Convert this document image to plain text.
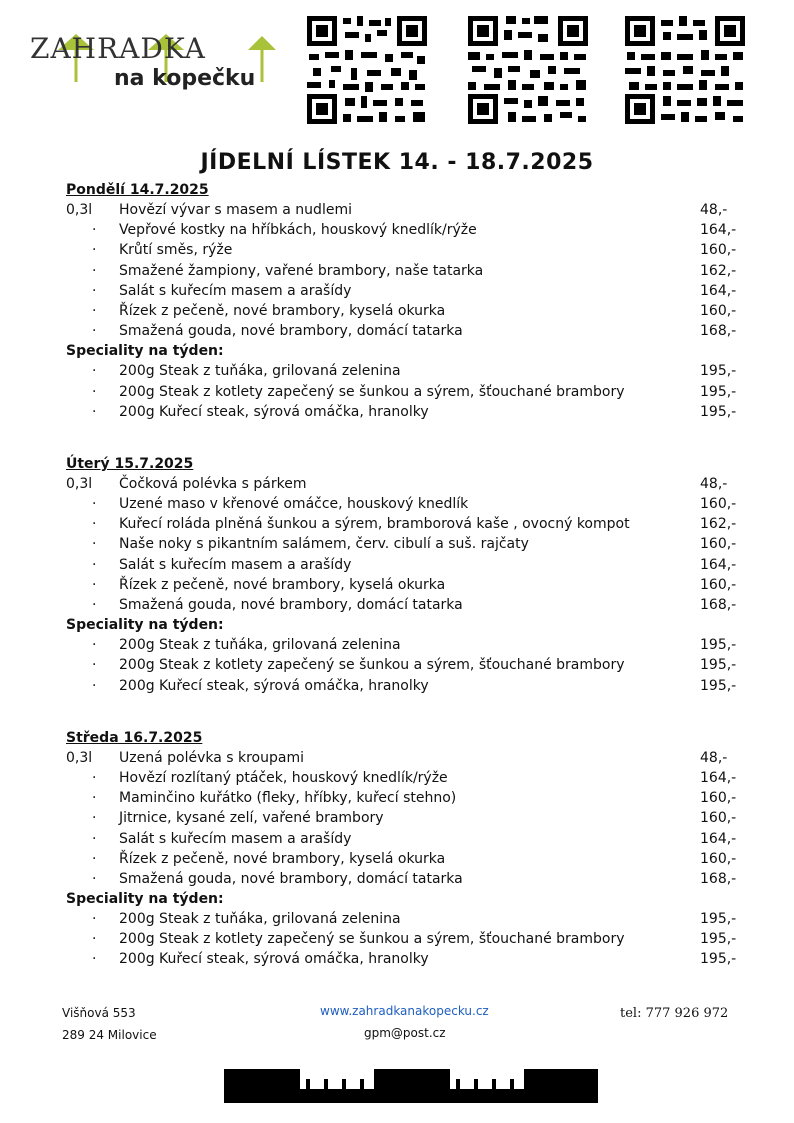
ZAHRADKA
na kopečku
JÍDELNÍ LÍSTEK 14. - 18.7.2025
Pondělí 14.7.2025
0,3l Hovězí vývar s masem a nudlemi	48,-
· Vepřové kostky na hříbkách, houskový knedlík/rýže	164,-
· Krůtí směs, rýže	160,-
· Smažené žampiony, vařené brambory, naše tatarka	162,-
· Salát s kuřecím masem a arašídy	164,-
· Řízek z pečeně, nové brambory, kyselá okurka	160,-
· Smažená gouda, nové brambory, domácí tatarka	168,-
Speciality na týden:
· 200g Steak z tuňáka, grilovaná zelenina	195,-
· 200g Steak z kotlety zapečený se šunkou a sýrem, šťouchané brambory	195,-
· 200g Kuřecí steak, sýrová omáčka, hranolky	195,-
Úterý 15.7.2025
0,3l Čočková polévka s párkem	48,-
· Uzené maso v křenové omáčce, houskový knedlík	160,-
· Kuřecí roláda plněná šunkou a sýrem, bramborová kaše , ovocný kompot	162,-
· Naše noky s pikantním salámem, červ. cibulí a suš. rajčaty	160,-
· Salát s kuřecím masem a arašídy	164,-
· Řízek z pečeně, nové brambory, kyselá okurka	160,-
· Smažená gouda, nové brambory, domácí tatarka	168,-
Speciality na týden:
· 200g Steak z tuňáka, grilovaná zelenina	195,-
· 200g Steak z kotlety zapečený se šunkou a sýrem, šťouchané brambory	195,-
· 200g Kuřecí steak, sýrová omáčka, hranolky	195,-
Středa 16.7.2025
0,3l Uzená polévka s kroupami	48,-
· Hovězí rozlítaný ptáček, houskový knedlík/rýže	164,-
· Maminčino kuřátko (fleky, hříbky, kuřecí stehno)	160,-
· Jitrnice, kysané zelí, vařené brambory	160,-
· Salát s kuřecím masem a arašídy	164,-
· Řízek z pečeně, nové brambory, kyselá okurka	160,-
· Smažená gouda, nové brambory, domácí tatarka	168,-
Speciality na týden:
· 200g Steak z tuňáka, grilovaná zelenina	195,-
· 200g Steak z kotlety zapečený se šunkou a sýrem, šťouchané brambory	195,-
· 200g Kuřecí steak, sýrová omáčka, hranolky	195,-
Višňová 553
289 24 Milovice
www.zahradkanakopecku.cz
gpm@post.cz
tel: 777 926 972
